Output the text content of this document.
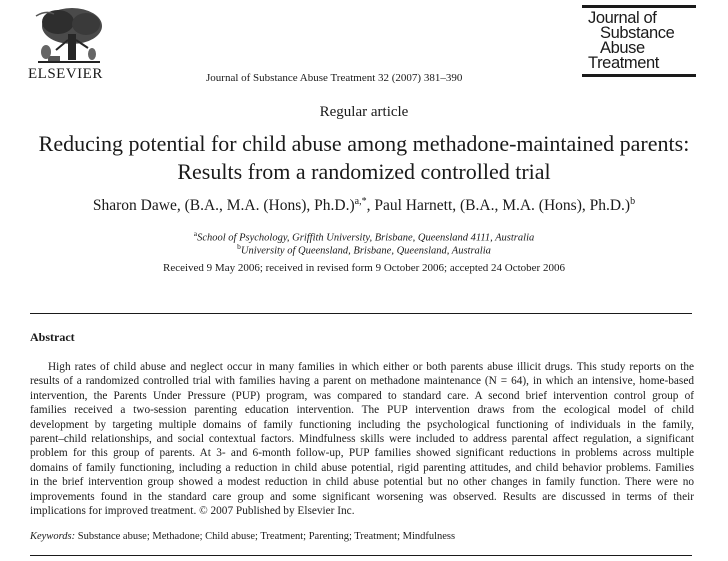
ELSEVIER	Journal of Substance Abuse Treatment 32 (2007) 381–390
Journal of
Substance
Abuse
Treatment
Regular article
Reducing potential for child abuse among methadone-maintained parents:
Results from a randomized controlled trial
Sharon Dawe, (B.A., M.A. (Hons), Ph.D.)$^{a,*}$, Paul Harnett, (B.A., M.A. (Hons), Ph.D.)$^b$
$^a$School of Psychology, Griffith University, Brisbane, Queensland 4111, Australia
$^b$University of Queensland, Brisbane, Queensland, Australia
Received 9 May 2006; received in revised form 9 October 2006; accepted 24 October 2006
Abstract
High rates of child abuse and neglect occur in many families in which either or both parents abuse illicit drugs. This study reports on the
results of a randomized controlled trial with families having a parent on methadone maintenance (N = 64), in which an intensive, home-based
intervention, the Parents Under Pressure (PUP) program, was compared to standard care. A second brief intervention control group of
families received a two-session parenting education intervention. The PUP intervention draws from the ecological model of child
development by targeting multiple domains of family functioning including the psychological functioning of individuals in the family,
parent–child relationships, and social contextual factors. Mindfulness skills were included to address parental affect regulation, a significant
problem for this group of parents. At 3- and 6-month follow-up, PUP families showed significant reductions in problems across multiple
domains of family functioning, including a reduction in child abuse potential, rigid parenting attitudes, and child behavior problems. Families
in the brief intervention group showed a modest reduction in child abuse potential but no other changes in family function. There were no
improvements found in the standard care group and some significant worsening was observed. Results are discussed in terms of their
implications for improved treatment. © 2007 Published by Elsevier Inc.
Keywords: Substance abuse; Methadone; Child abuse; Treatment; Parenting; Treatment; Mindfulness
